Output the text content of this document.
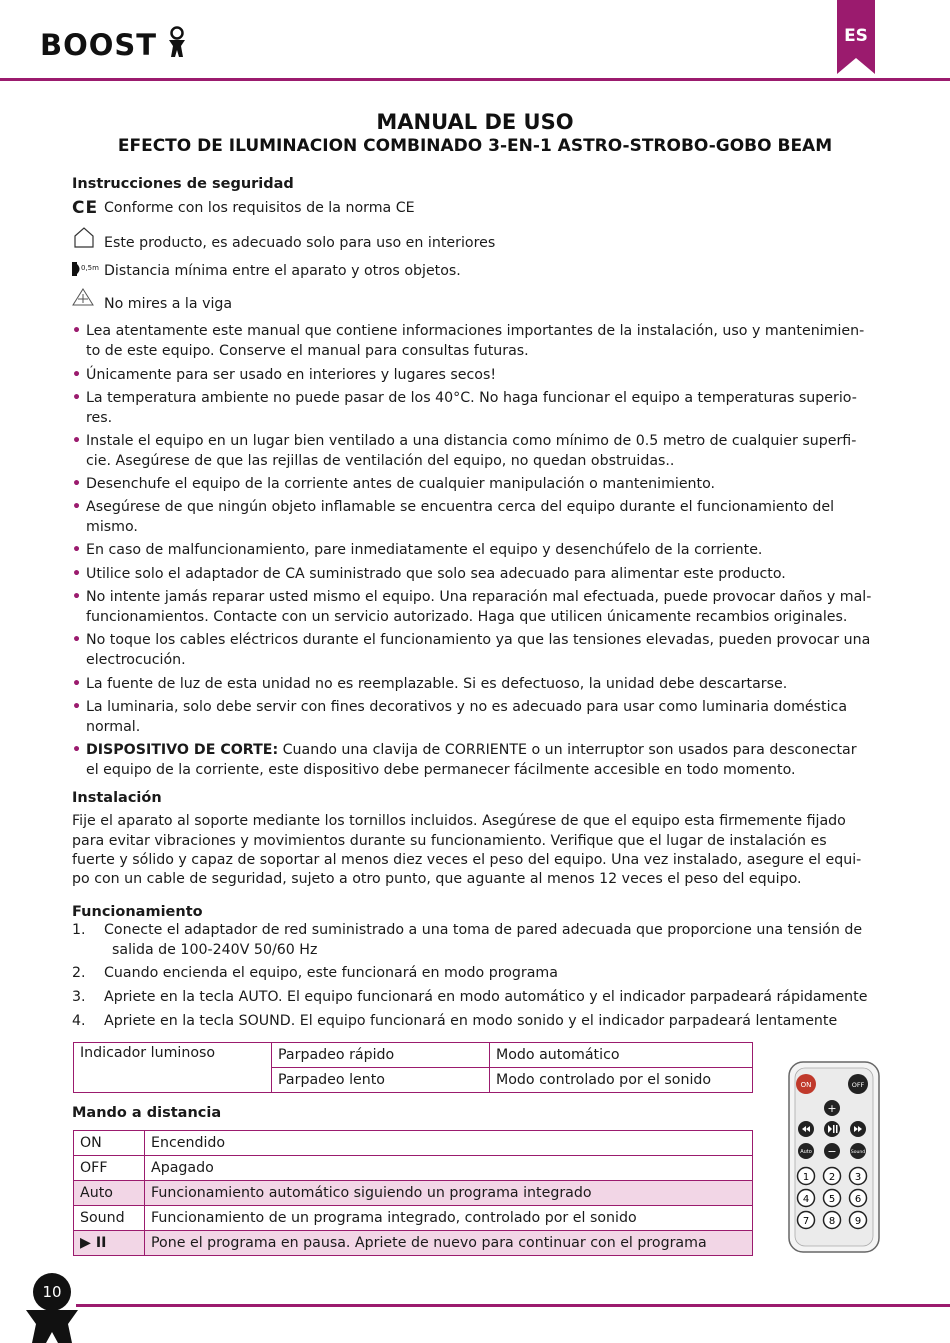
BOOST	ES
MANUAL DE USO
EFECTO DE ILUMINACION COMBINADO 3-EN-1 ASTRO-STROBO-GOBO BEAM
Instrucciones de seguridad
CE Conforme con los requisitos de la norma CE
Este producto, es adecuado solo para uso en interiores
0,5m Distancia mínima entre el aparato y otros objetos.
No mires a la viga
• Lea atentamente este manual que contiene informaciones importantes de la instalación, uso y mantenimien-
to de este equipo. Conserve el manual para consultas futuras.
• Únicamente para ser usado en interiores y lugares secos!
• La temperatura ambiente no puede pasar de los 40°C. No haga funcionar el equipo a temperaturas superio-
res.
• Instale el equipo en un lugar bien ventilado a una distancia como mínimo de 0.5 metro de cualquier superfi-
cie. Asegúrese de que las rejillas de ventilación del equipo, no quedan obstruidas..
• Desenchufe el equipo de la corriente antes de cualquier manipulación o mantenimiento.
• Asegúrese de que ningún objeto inflamable se encuentra cerca del equipo durante el funcionamiento del
mismo.
• En caso de malfuncionamiento, pare inmediatamente el equipo y desenchúfelo de la corriente.
• Utilice solo el adaptador de CA suministrado que solo sea adecuado para alimentar este producto.
• No intente jamás reparar usted mismo el equipo. Una reparación mal efectuada, puede provocar daños y mal-
funcionamientos. Contacte con un servicio autorizado. Haga que utilicen únicamente recambios originales.
• No toque los cables eléctricos durante el funcionamiento ya que las tensiones elevadas, pueden provocar una
electrocución.
• La fuente de luz de esta unidad no es reemplazable. Si es defectuoso, la unidad debe descartarse.
• La luminaria, solo debe servir con fines decorativos y no es adecuado para usar como luminaria doméstica
normal.
• DISPOSITIVO DE CORTE: Cuando una clavija de CORRIENTE o un interruptor son usados para desconectar
el equipo de la corriente, este dispositivo debe permanecer fácilmente accesible en todo momento.
Instalación
Fije el aparato al soporte mediante los tornillos incluidos. Asegúrese de que el equipo esta firmemente fijado
para evitar vibraciones y movimientos durante su funcionamiento. Verifique que el lugar de instalación es
fuerte y sólido y capaz de soportar al menos diez veces el peso del equipo. Una vez instalado, asegure el equi-
po con un cable de seguridad, sujeto a otro punto, que aguante al menos 12 veces el peso del equipo.
Funcionamiento
1. Conecte el adaptador de red suministrado a una toma de pared adecuada que proporcione una tensión de
salida de 100-240V 50/60 Hz
2. Cuando encienda el equipo, este funcionará en modo programa
3. Apriete en la tecla AUTO. El equipo funcionará en modo automático y el indicador parpadeará rápidamente
4. Apriete en la tecla SOUND. El equipo funcionará en modo sonido y el indicador parpadeará lentamente
Indicador luminoso	Parpadeo rápido	Modo automático
	Parpadeo lento	Modo controlado por el sonido
Mando a distancia
ON	Encendido
OFF	Apagado
Auto	Funcionamiento automático siguiendo un programa integrado
Sound	Funcionamiento de un programa integrado, controlado por el sonido
▶ II	Pone el programa en pausa. Apriete de nuevo para continuar con el programa
ON	OFF
+
Auto −	Sound
1 2 3
4 5 6
7 8 9
10
